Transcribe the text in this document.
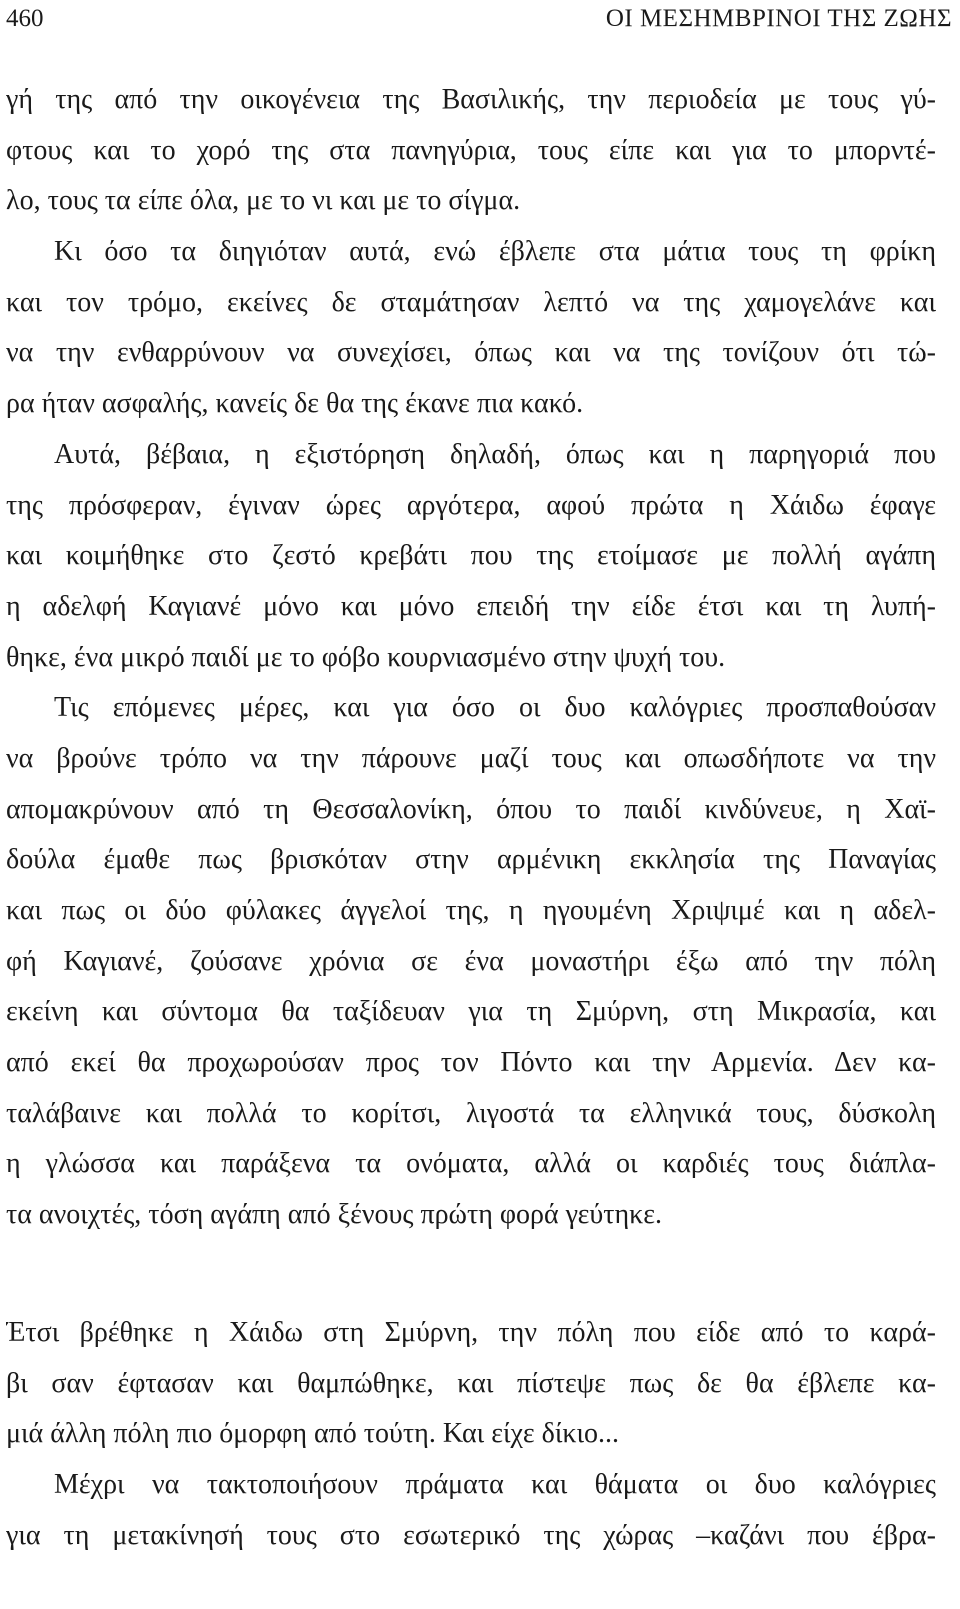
460	ΟΙ ΜΕΣΗΜΒΡΙΝΟΙ ΤΗΣ ΖΩΗΣ
γή της από την οικογένεια της Βασιλικής, την περιοδεία με τους γύ-
φτους και το χορό της στα πανηγύρια, τους είπε και για το μπορντέ-
λο, τους τα είπε όλα, με το νι και με το σίγμα.
Κι όσο τα διηγιόταν αυτά, ενώ έβλεπε στα μάτια τους τη φρίκη
και τον τρόμο, εκείνες δε σταμάτησαν λεπτό να της χαμογελάνε και
να την ενθαρρύνουν να συνεχίσει, όπως και να της τονίζουν ότι τώ-
ρα ήταν ασφαλής, κανείς δε θα της έκανε πια κακό.
Αυτά, βέβαια, η εξιστόρηση δηλαδή, όπως και η παρηγοριά που
της πρόσφεραν, έγιναν ώρες αργότερα, αφού πρώτα η Χάιδω έφαγε
και κοιμήθηκε στο ζεστό κρεβάτι που της ετοίμασε με πολλή αγάπη
η αδελφή Καγιανέ μόνο και μόνο επειδή την είδε έτσι και τη λυπή-
θηκε, ένα μικρό παιδί με το φόβο κουρνιασμένο στην ψυχή του.
Τις επόμενες μέρες, και για όσο οι δυο καλόγριες προσπαθούσαν
να βρούνε τρόπο να την πάρουνε μαζί τους και οπωσδήποτε να την
απομακρύνουν από τη Θεσσαλονίκη, όπου το παιδί κινδύνευε, η Χαϊ-
δούλα έμαθε πως βρισκόταν στην αρμένικη εκκλησία της Παναγίας
και πως οι δύο φύλακες άγγελοί της, η ηγουμένη Χριψιμέ και η αδελ-
φή Καγιανέ, ζούσανε χρόνια σε ένα μοναστήρι έξω από την πόλη
εκείνη και σύντομα θα ταξίδευαν για τη Σμύρνη, στη Μικρασία, και
από εκεί θα προχωρούσαν προς τον Πόντο και την Αρμενία. Δεν κα-
ταλάβαινε και πολλά το κορίτσι, λιγοστά τα ελληνικά τους, δύσκολη
η γλώσσα και παράξενα τα ονόματα, αλλά οι καρδιές τους διάπλα-
τα ανοιχτές, τόση αγάπη από ξένους πρώτη φορά γεύτηκε.
Έτσι βρέθηκε η Χάιδω στη Σμύρνη, την πόλη που είδε από το καρά-
βι σαν έφτασαν και θαμπώθηκε, και πίστεψε πως δε θα έβλεπε κα-
μιά άλλη πόλη πιο όμορφη από τούτη. Και είχε δίκιο...
Μέχρι να τακτοποιήσουν πράματα και θάματα οι δυο καλόγριες
για τη μετακίνησή τους στο εσωτερικό της χώρας –καζάνι που έβρα-
